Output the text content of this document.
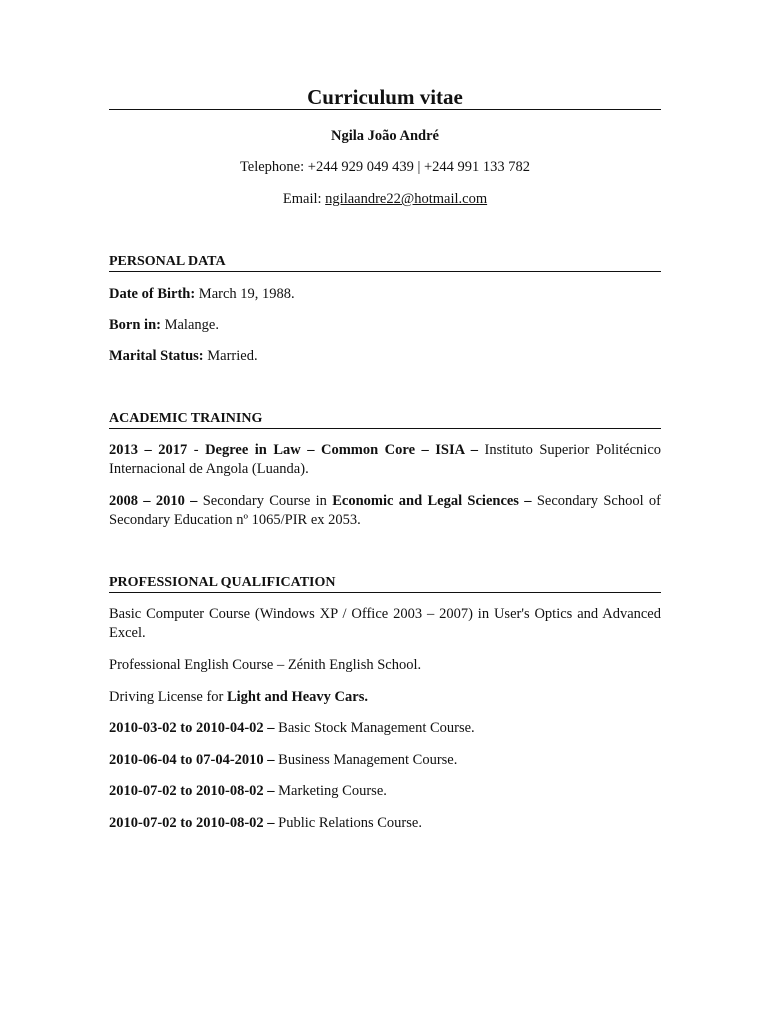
Curriculum vitae
Ngila João André
Telephone: +244 929 049 439 | +244 991 133 782
Email: ngilaandre22@hotmail.com
PERSONAL DATA
Date of Birth: March 19, 1988.
Born in: Malange.
Marital Status: Married.
ACADEMIC TRAINING
2013 – 2017 - Degree in Law – Common Core – ISIA – Instituto Superior Politécnico Internacional de Angola (Luanda).
2008 – 2010 – Secondary Course in Economic and Legal Sciences – Secondary School of Secondary Education nº 1065/PIR ex 2053.
PROFESSIONAL QUALIFICATION
Basic Computer Course (Windows XP / Office 2003 – 2007) in User's Optics and Advanced Excel.
Professional English Course – Zénith English School.
Driving License for Light and Heavy Cars.
2010-03-02 to 2010-04-02 – Basic Stock Management Course.
2010-06-04 to 07-04-2010 – Business Management Course.
2010-07-02 to 2010-08-02 – Marketing Course.
2010-07-02 to 2010-08-02 – Public Relations Course.
